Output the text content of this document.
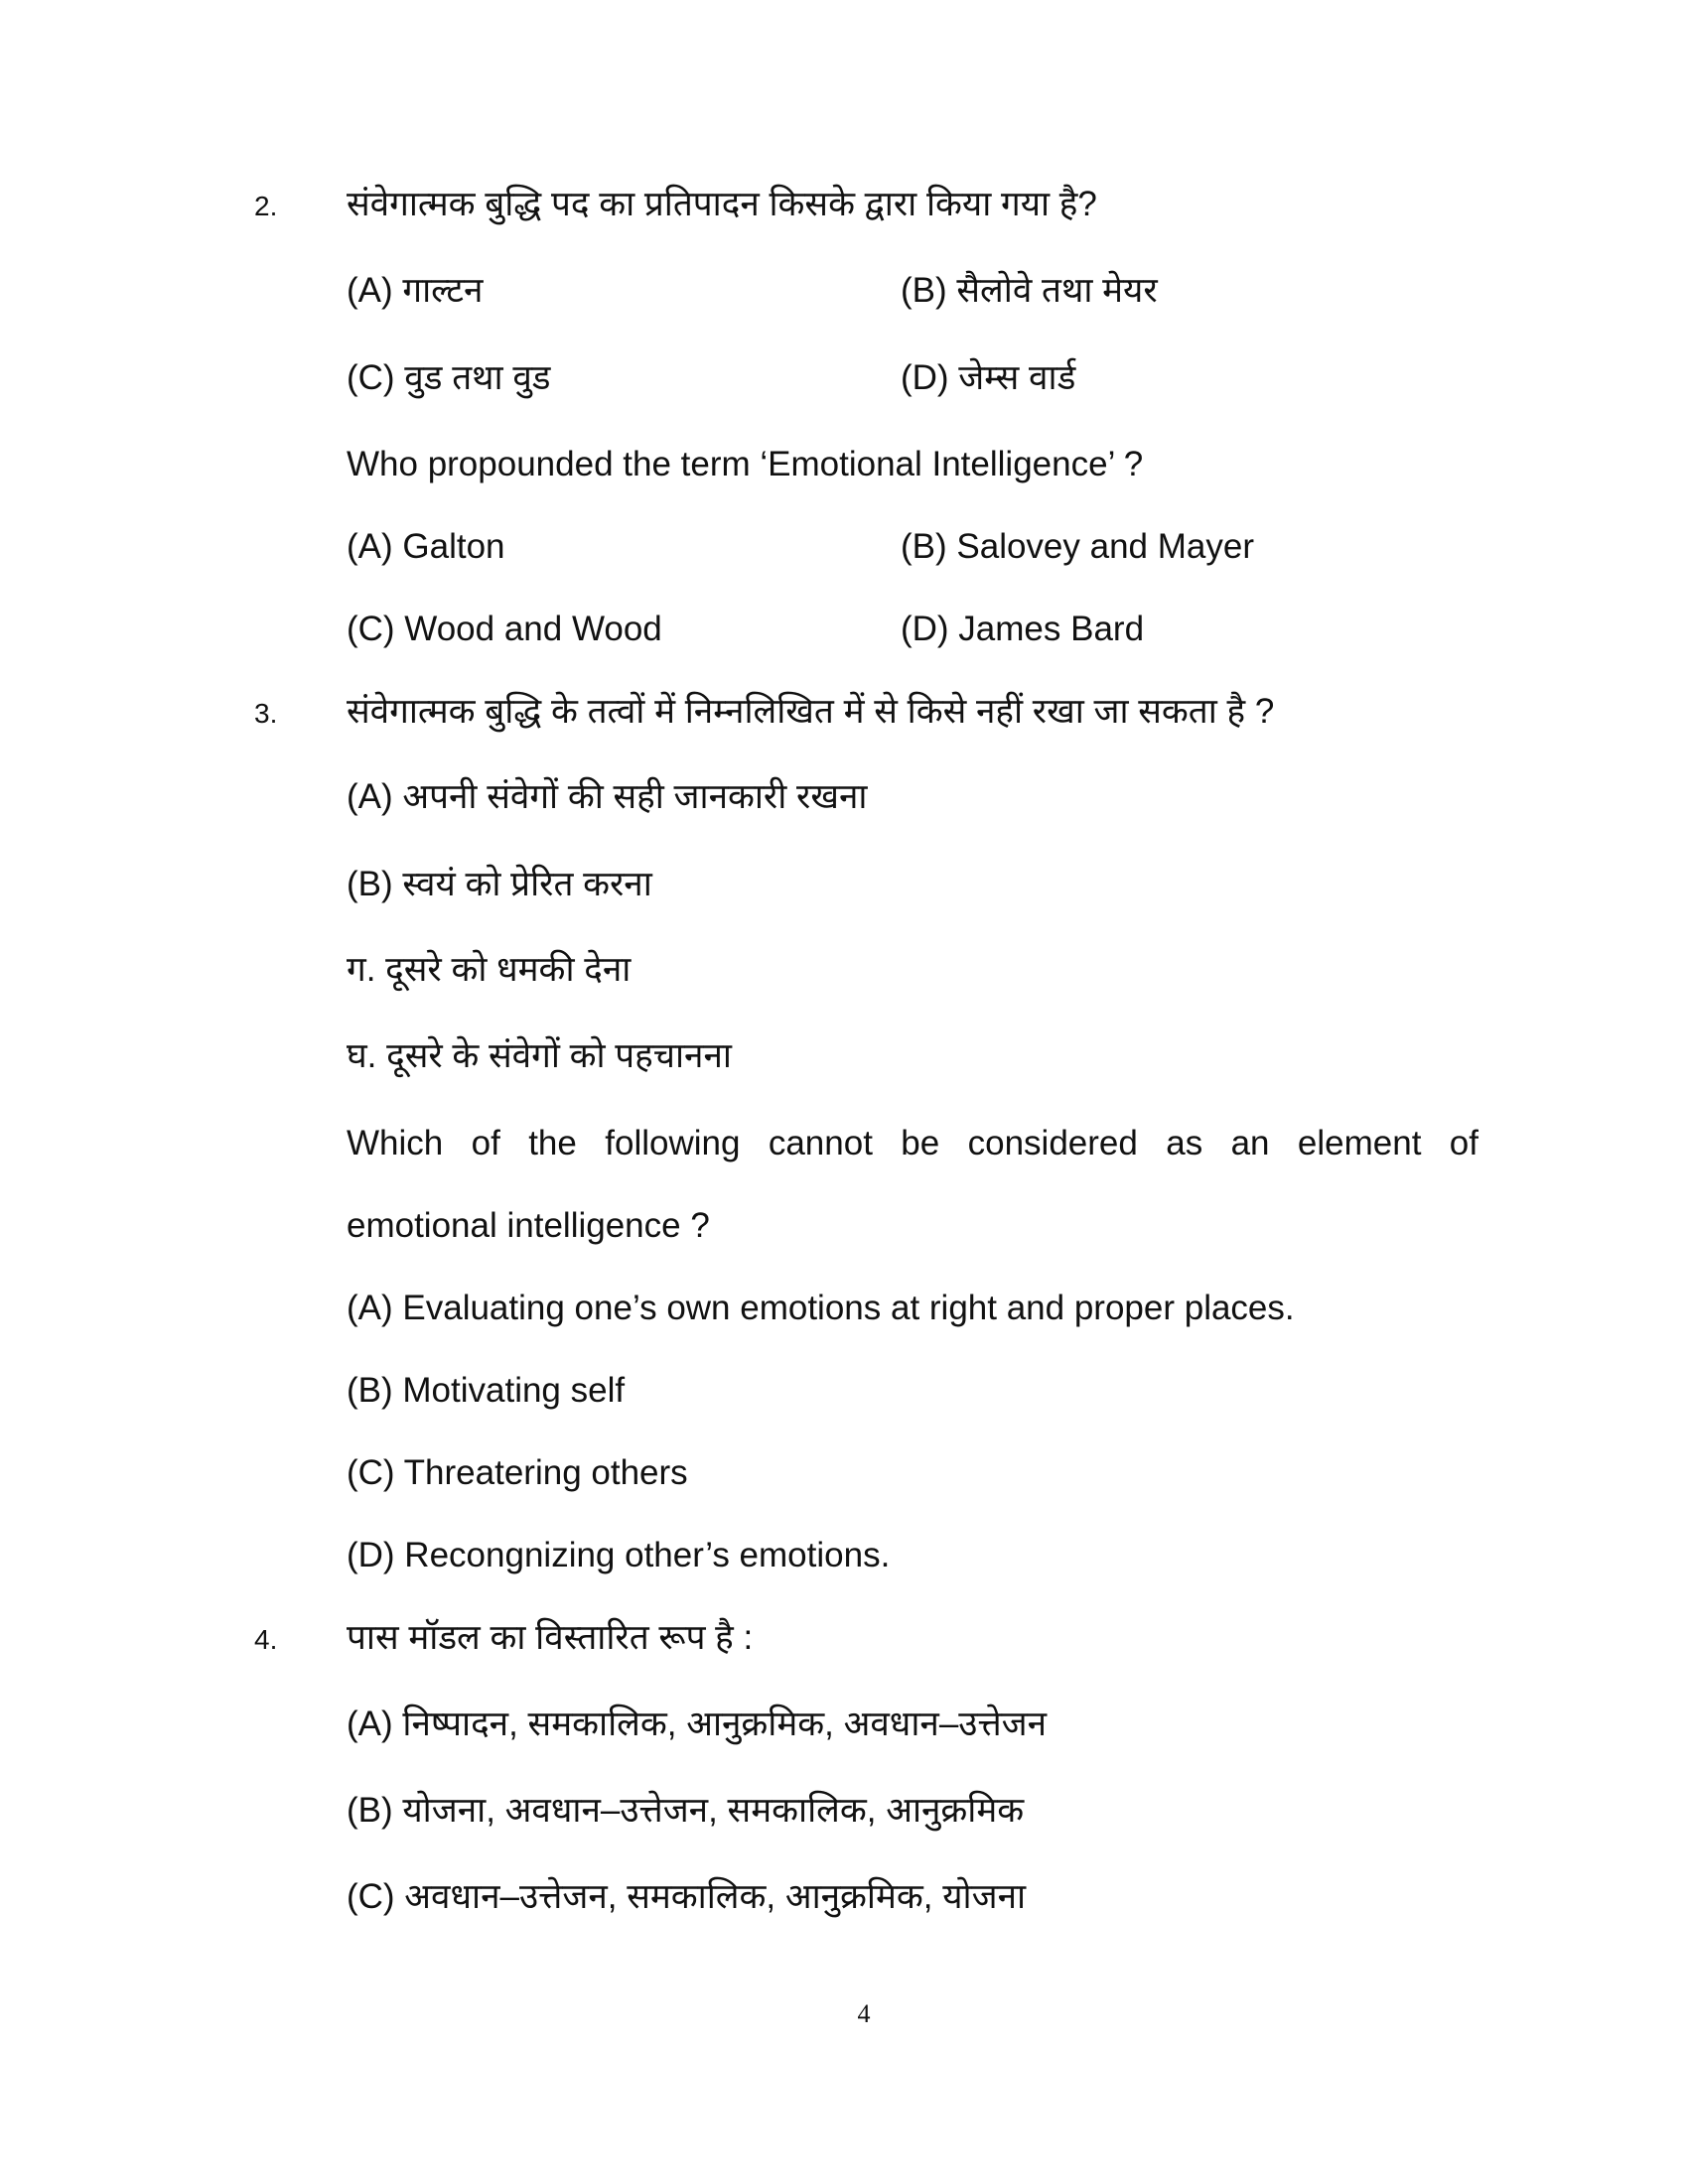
2. संवेगात्मक बुद्धि पद का प्रतिपादन किसके द्वारा किया गया है?
(A) गाल्टन	(B) सैलोवे तथा मेयर
(C) वुड तथा वुड	(D) जेम्स वार्ड
Who propounded the term ‘Emotional Intelligence’ ?
(A) Galton	(B) Salovey and Mayer
(C) Wood and Wood	(D) James Bard
3. संवेगात्मक बुद्धि के तत्वों में निम्नलिखित में से किसे नहीं रखा जा सकता है ?
(A) अपनी संवेगों की सही जानकारी रखना
(B) स्वयं को प्रेरित करना
ग. दूसरे को धमकी देना
घ. दूसरे के संवेगों को पहचानना
Which of the following cannot be considered as an element of
emotional intelligence ?
(A) Evaluating one’s own emotions at right and proper places.
(B) Motivating self
(C) Threatering others
(D) Recongnizing other’s emotions.
4. पास मॉडल का विस्तारित रूप है :
(A) निष्पादन, समकालिक, आनुक्रमिक, अवधान–उत्तेजन
(B) योजना, अवधान–उत्तेजन, समकालिक, आनुक्रमिक
(C) अवधान–उत्तेजन, समकालिक, आनुक्रमिक, योजना
4
